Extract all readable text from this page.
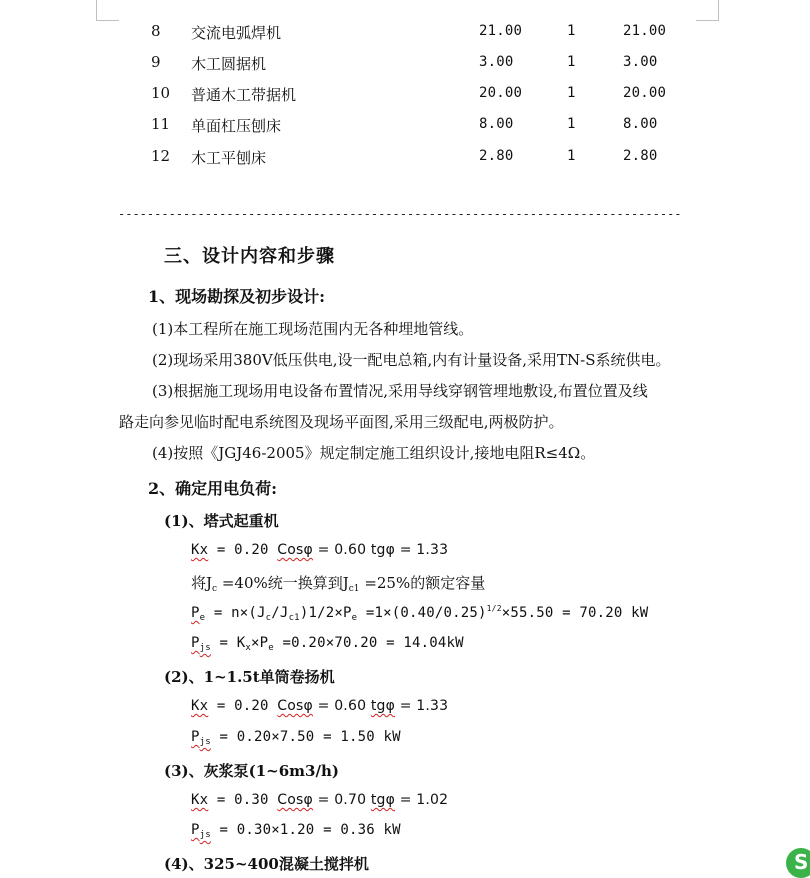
8 交流电弧焊机	21.00	1	21.00
9 木工圆据机	3.00	1	3.00
10 普通木工带据机	20.00	1	20.00
11 单面杠压刨床	8.00	1	8.00
12 木工平刨床	2.80	1	2.80
------------------------------------------------------------------------------
三、设计内容和步骤
1、现场勘探及初步设计:
(1)本工程所在施工现场范围内无各种埋地管线。
(2)现场采用380V低压供电,设一配电总箱,内有计量设备,采用TN-S系统供电。
(3)根据施工现场用电设备布置情况,采用导线穿钢管埋地敷设,布置位置及线
路走向参见临时配电系统图及现场平面图,采用三级配电,两极防护。
(4)按照《JGJ46-2005》规定制定施工组织设计,接地电阻R≤4Ω。
2、确定用电负荷:
(1)、塔式起重机
Kx = 0.20 Cosφ = 0.60 tgφ = 1.33
将$J_c =40\%$统一换算到$J_{c1} =25\%$的额定容量
$P_e = n\times(J_c/J_{c1})1/2\times P_e =1\times(0.40/0.25)^{1/2}\times 55.50 = 70.20$ kW
$P_{js} = K_x\times P_e =0.20\times 70.20 = 14.04kW$
(2)、1~1.5t单筒卷扬机
Kx = 0.20 Cosφ = 0.60 tgφ = 1.33
$P_{js} = 0.20\times 7.50 = 1.50$ kW
(3)、灰浆泵(1~6m3/h)
Kx = 0.30 Cosφ = 0.70 tgφ = 1.02
$P_{js} = 0.30\times 1.20 = 0.36$ kW
(4)、325~400混凝土搅拌机	S
